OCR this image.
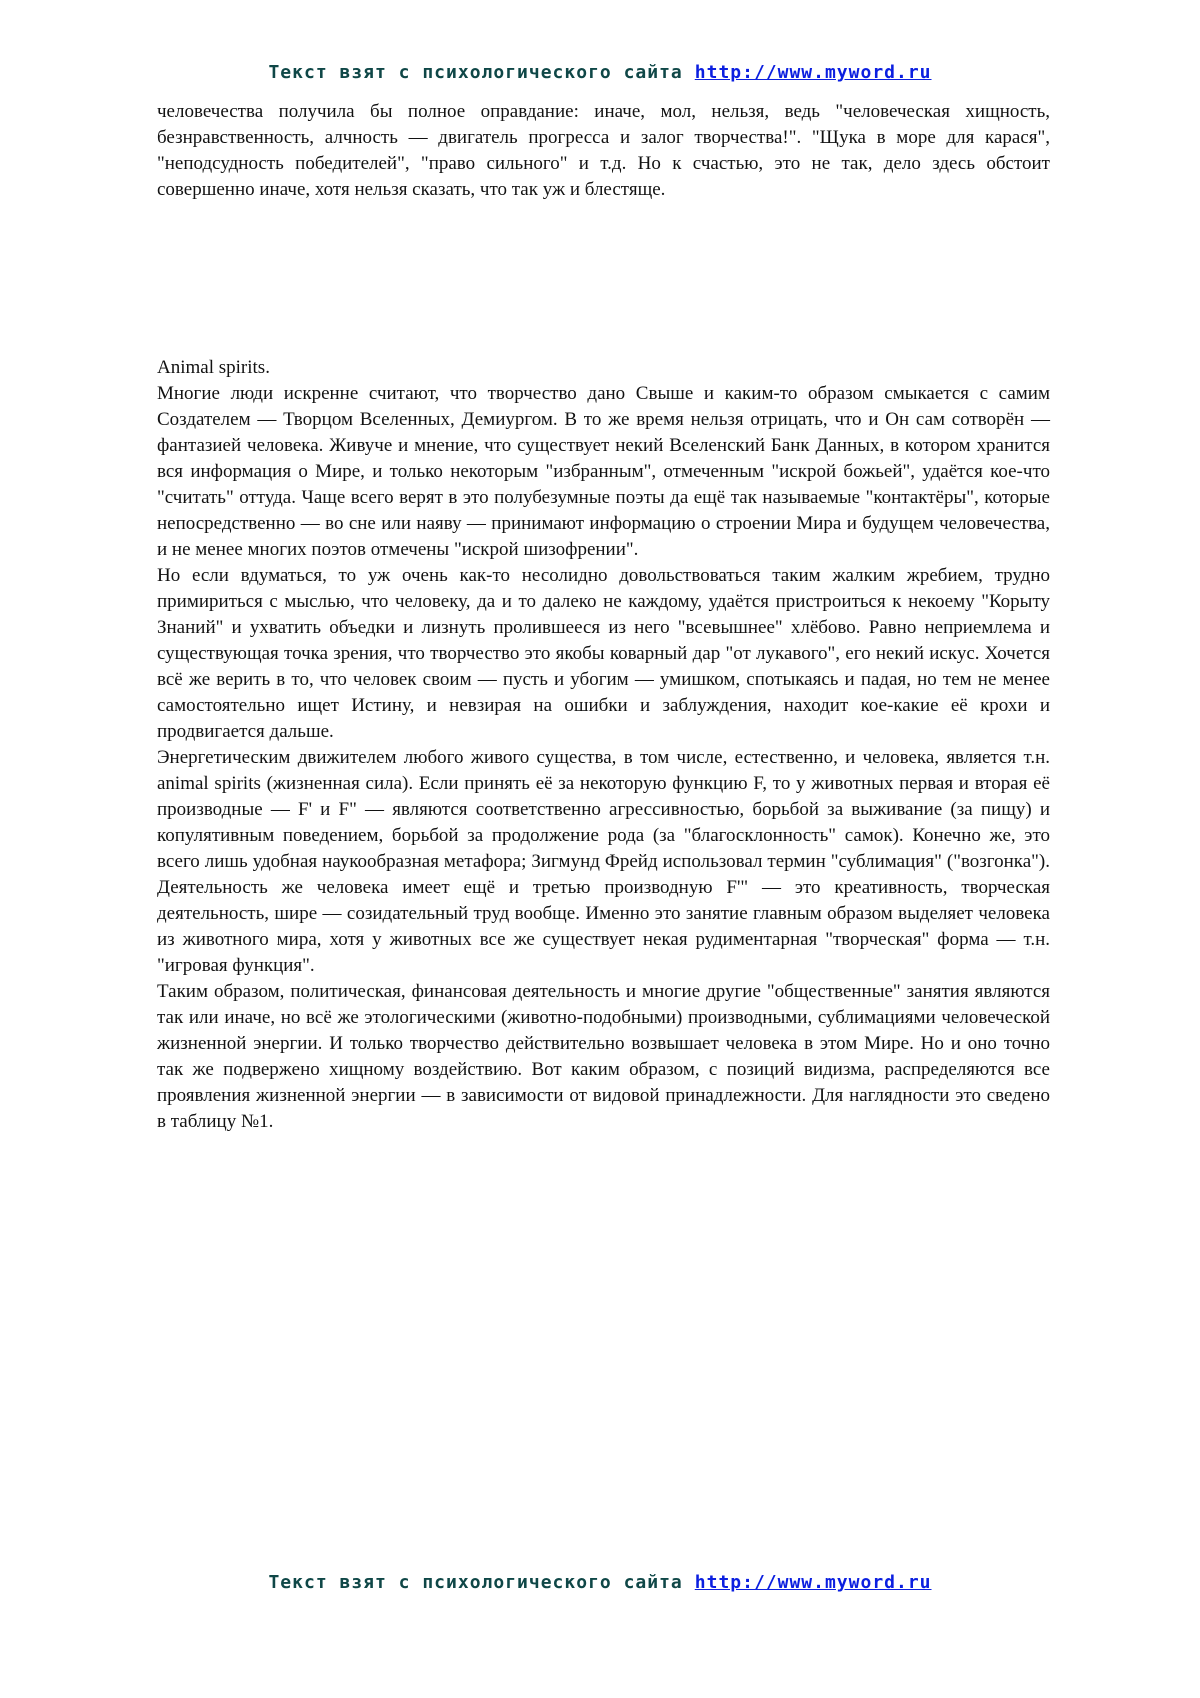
Текст взят с психологического сайта http://www.myword.ru

человечества получила бы полное оправдание: иначе, мол, нельзя, ведь "человеческая хищность, безнравственность, алчность — двигатель прогресса и залог творчества!". "Щука в море для карася", "неподсудность победителей", "право сильного" и т.д. Но к счастью, это не так, дело здесь обстоит совершенно иначе, хотя нельзя сказать, что так уж и блестяще.

Animal spirits.

Многие люди искренне считают, что творчество дано Свыше и каким-то образом смыкается с самим Создателем — Творцом Вселенных, Демиургом. В то же время нельзя отрицать, что и Он сам сотворён — фантазией человека. Живуче и мнение, что существует некий Вселенский Банк Данных, в котором хранится вся информация о Мире, и только некоторым "избранным", отмеченным "искрой божьей", удаётся кое-что "считать" оттуда. Чаще всего верят в это полубезумные поэты да ещё так называемые "контактёры", которые непосредственно — во сне или наяву — принимают информацию о строении Мира и будущем человечества, и не менее многих поэтов отмечены "искрой шизофрении".

Но если вдуматься, то уж очень как-то несолидно довольствоваться таким жалким жребием, трудно примириться с мыслью, что человеку, да и то далеко не каждому, удаётся пристроиться к некоему "Корыту Знаний" и ухватить объедки и лизнуть пролившееся из него "всевышнее" хлёбово. Равно неприемлема и существующая точка зрения, что творчество это якобы коварный дар "от лукавого", его некий искус. Хочется всё же верить в то, что человек своим — пусть и убогим — умишком, спотыкаясь и падая, но тем не менее самостоятельно ищет Истину, и невзирая на ошибки и заблуждения, находит кое-какие её крохи и продвигается дальше.

Энергетическим движителем любого живого существа, в том числе, естественно, и человека, является т.н. animal spirits (жизненная сила). Если принять её за некоторую функцию F, то у животных первая и вторая её производные — F' и F" — являются соответственно агрессивностью, борьбой за выживание (за пищу) и копулятивным поведением, борьбой за продолжение рода (за "благосклонность" самок). Конечно же, это всего лишь удобная наукообразная метафора; Зигмунд Фрейд использовал термин "сублимация" ("возгонка"). Деятельность же человека имеет ещё и третью производную F'" — это креативность, творческая деятельность, шире — созидательный труд вообще. Именно это занятие главным образом выделяет человека из животного мира, хотя у животных все же существует некая рудиментарная "творческая" форма — т.н. "игровая функция".

Таким образом, политическая, финансовая деятельность и многие другие "общественные" занятия являются так или иначе, но всё же этологическими (животно-подобными) производными, сублимациями человеческой жизненной энергии. И только творчество действительно возвышает человека в этом Мире. Но и оно точно так же подвержено хищному воздействию. Вот каким образом, с позиций видизма, распределяются все проявления жизненной энергии — в зависимости от видовой принадлежности. Для наглядности это сведено в таблицу №1.

Текст взят с психологического сайта http://www.myword.ru
